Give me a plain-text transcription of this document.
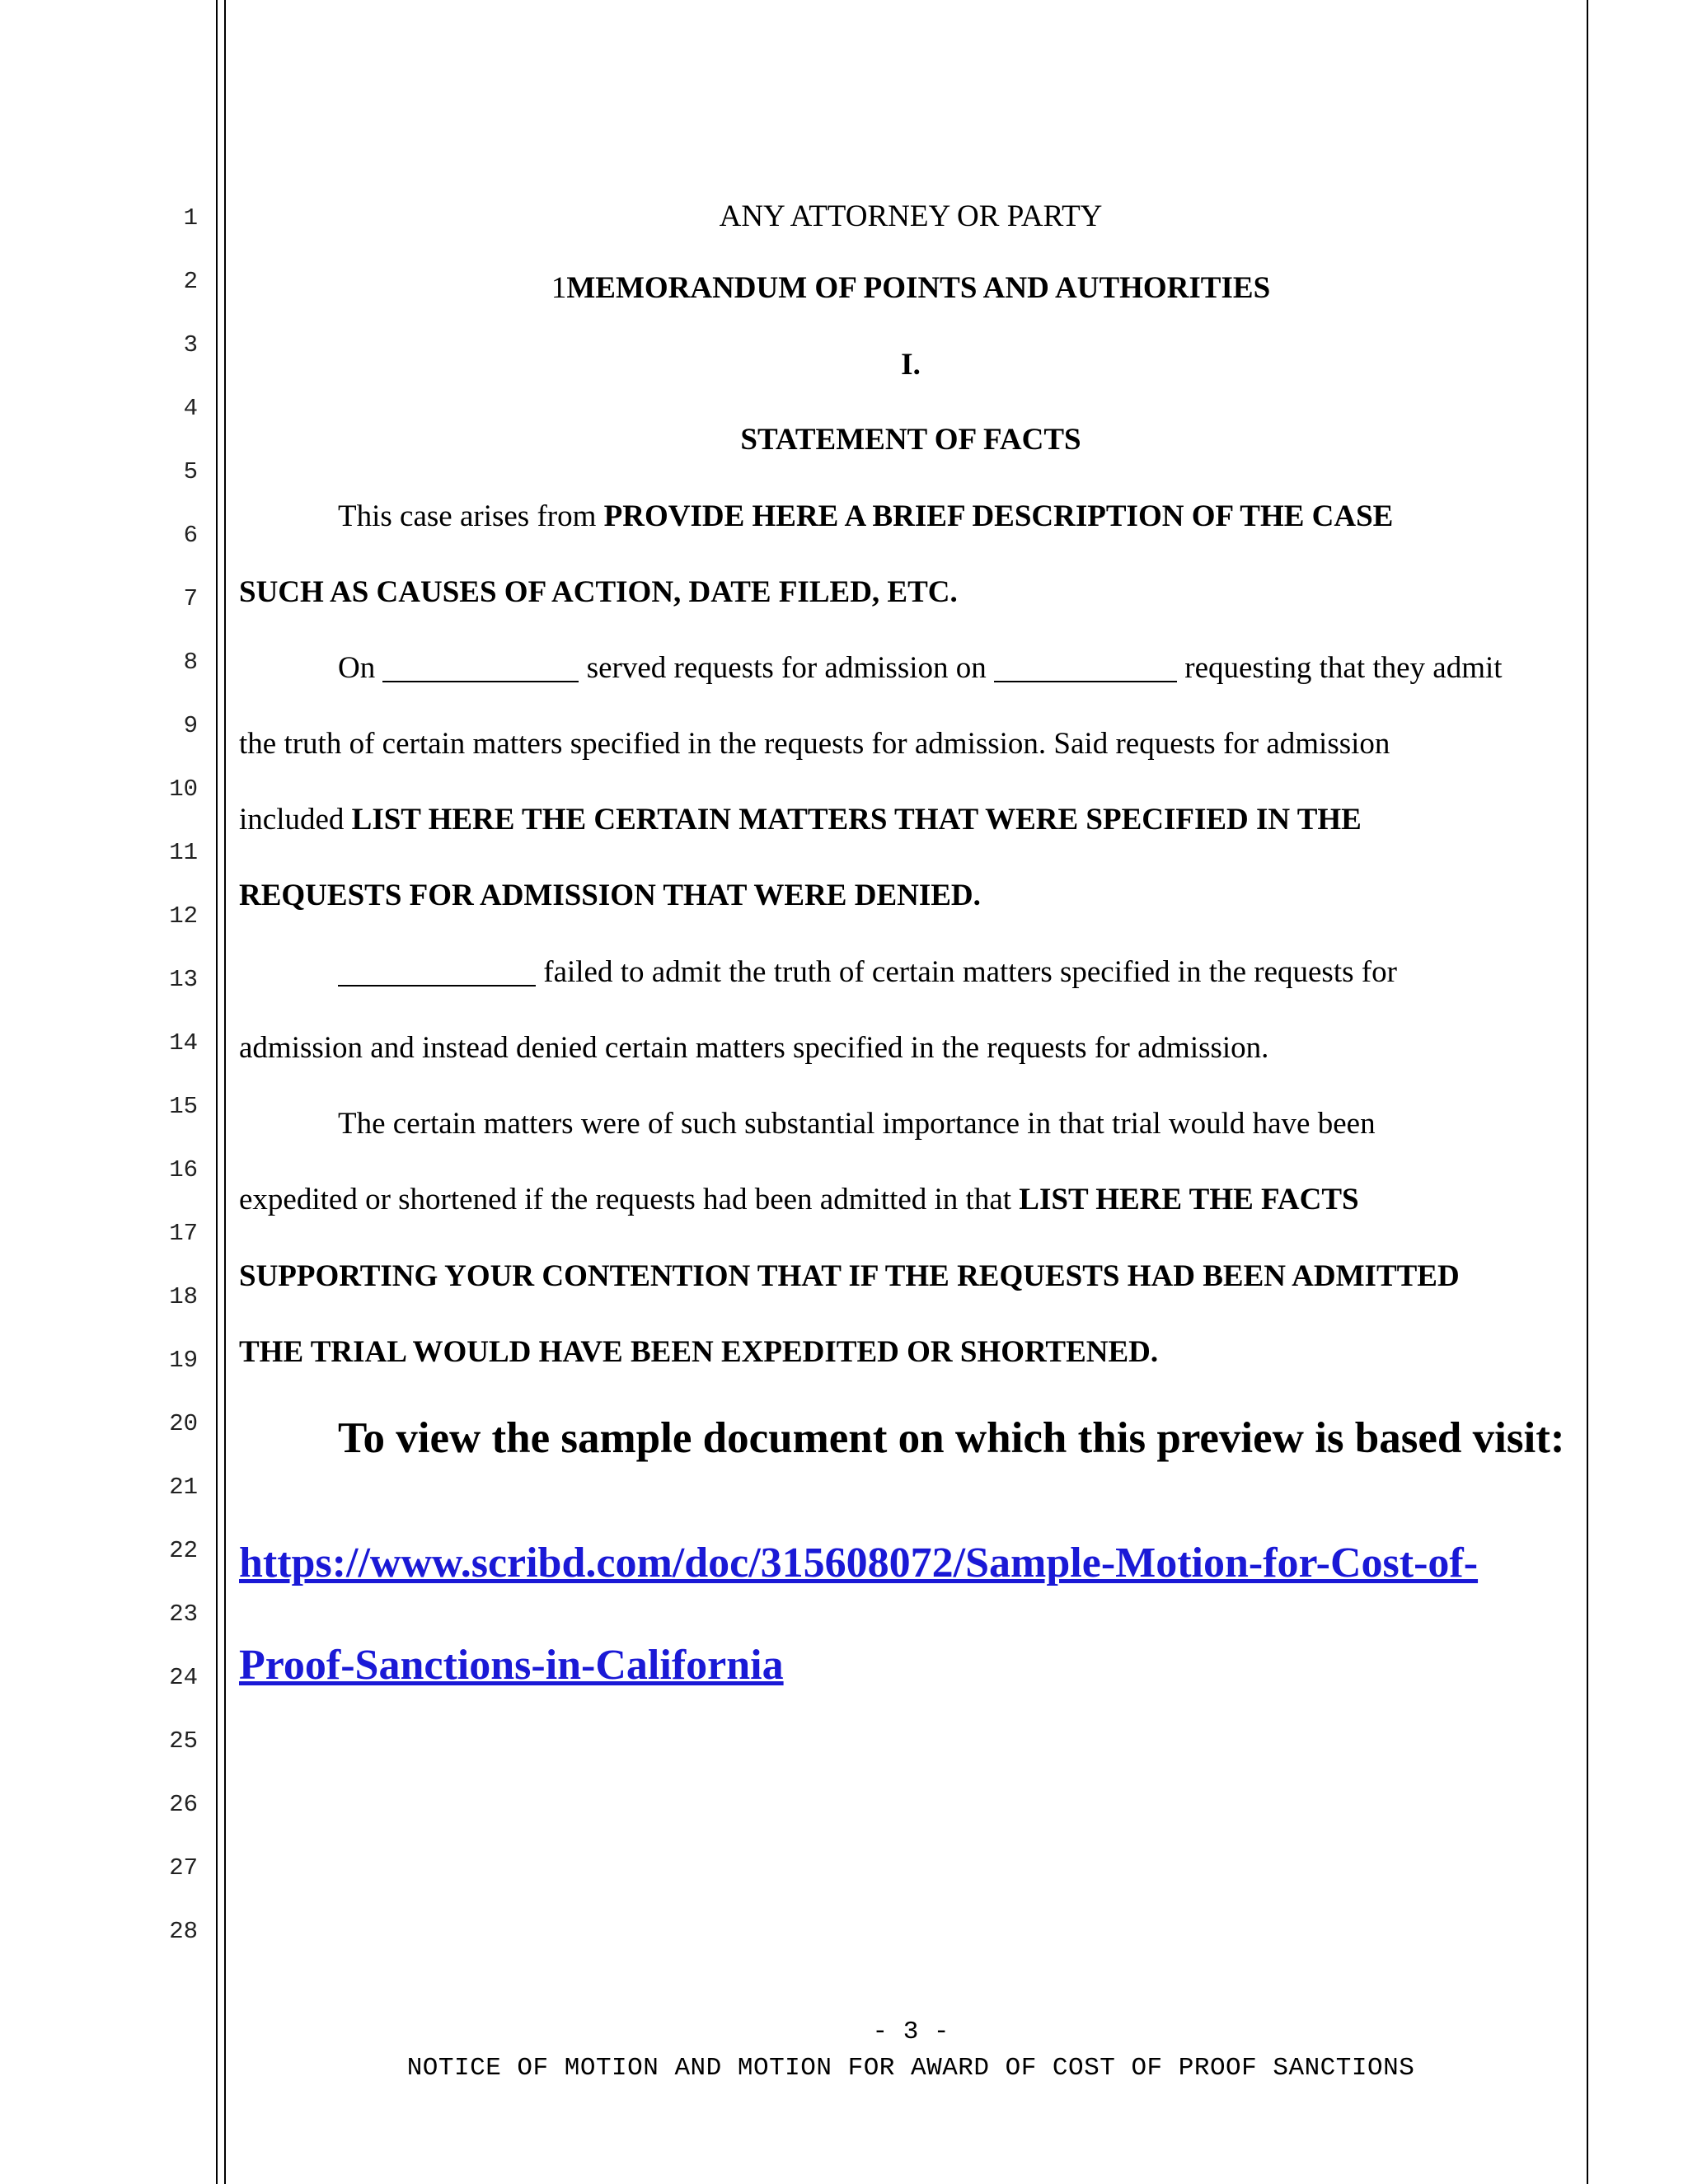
1
2
3
4
5
6
7
8
9
10
11
12
13
14
15
16
17
18
19
20
21
22
23
24
25
26
27
28
ANY ATTORNEY OR PARTY
1MEMORANDUM OF POINTS AND AUTHORITIES
I.
STATEMENT OF FACTS
This case arises from PROVIDE HERE A BRIEF DESCRIPTION OF THE CASE
SUCH AS CAUSES OF ACTION, DATE FILED, ETC.
On	served requests for admission on	requesting that they admit
the truth of certain matters specified in the requests for admission. Said requests for admission
included LIST HERE THE CERTAIN MATTERS THAT WERE SPECIFIED IN THE
REQUESTS FOR ADMISSION THAT WERE DENIED.
failed to admit the truth of certain matters specified in the requests for
admission and instead denied certain matters specified in the requests for admission.
The certain matters were of such substantial importance in that trial would have been
expedited or shortened if the requests had been admitted in that LIST HERE THE FACTS
SUPPORTING YOUR CONTENTION THAT IF THE REQUESTS HAD BEEN ADMITTED
THE TRIAL WOULD HAVE BEEN EXPEDITED OR SHORTENED.
To view the sample document on which this preview is based visit:
https://www.scribd.com/doc/315608072/Sample-Motion-for-Cost-of-
Proof-Sanctions-in-California
- 3 -
NOTICE OF MOTION AND MOTION FOR AWARD OF COST OF PROOF SANCTIONS
